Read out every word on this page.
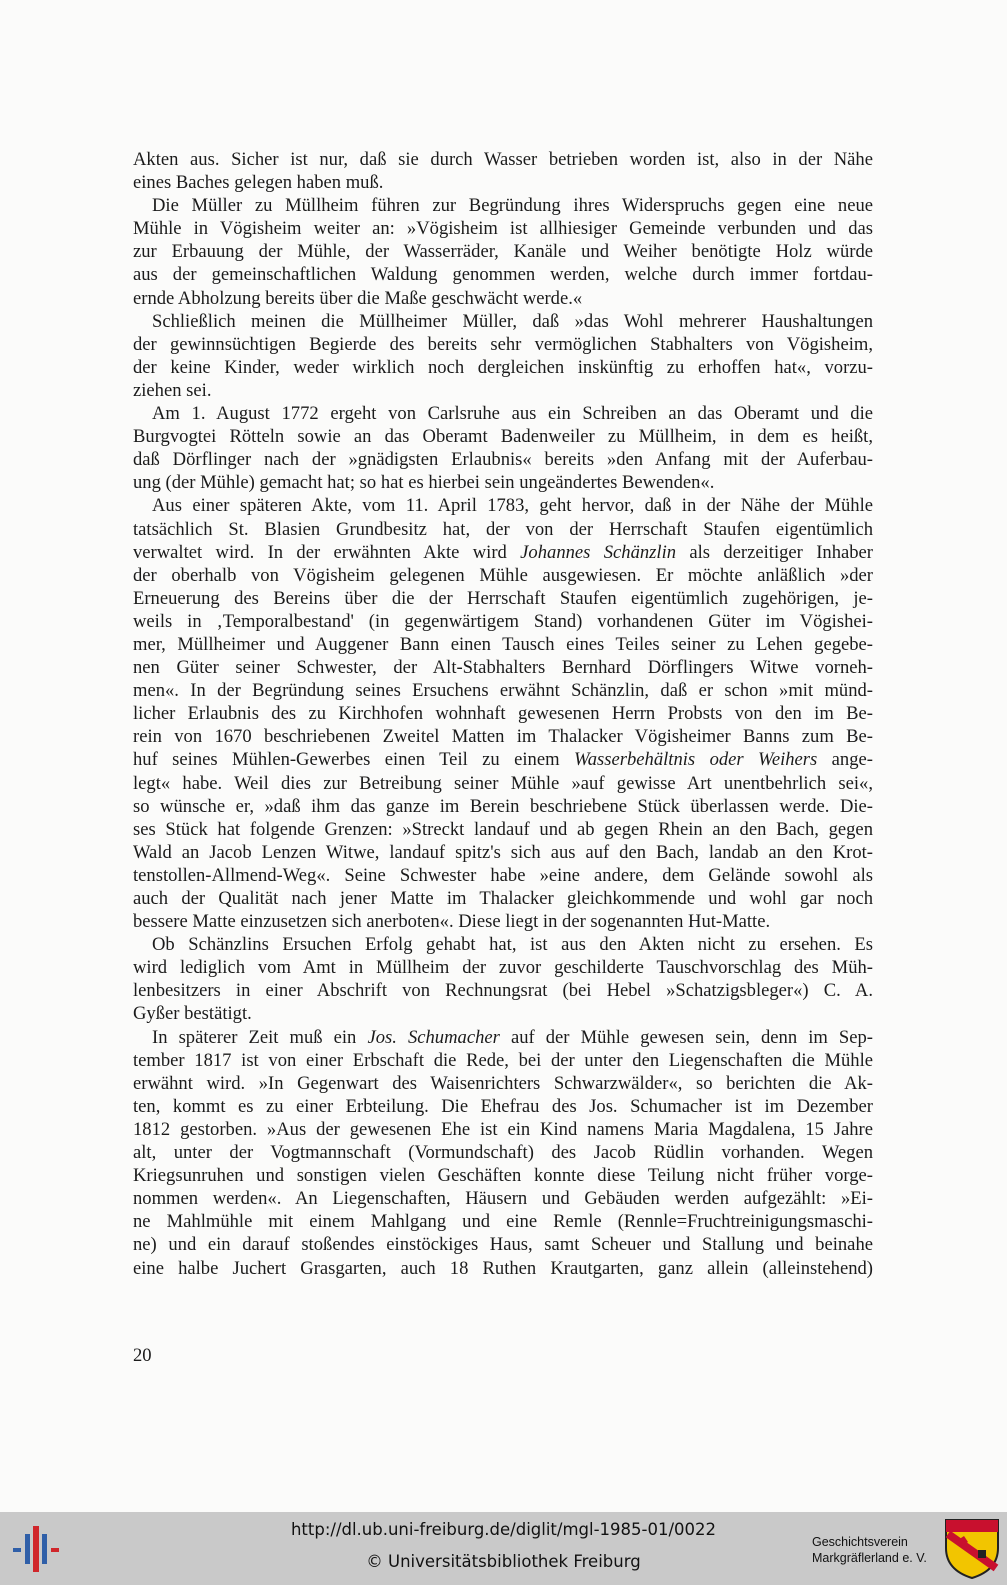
Akten aus. Sicher ist nur, daß sie durch Wasser betrieben worden ist, also in der Nähe
eines Baches gelegen haben muß.

Die Müller zu Müllheim führen zur Begründung ihres Widerspruchs gegen eine neue
Mühle in Vögisheim weiter an: »Vögisheim ist allhiesiger Gemeinde verbunden und das
zur Erbauung der Mühle, der Wasserräder, Kanäle und Weiher benötigte Holz würde
aus der gemeinschaftlichen Waldung genommen werden, welche durch immer fortdau-
ernde Abholzung bereits über die Maße geschwächt werde.«

Schließlich meinen die Müllheimer Müller, daß »das Wohl mehrerer Haushaltungen
der gewinnsüchtigen Begierde des bereits sehr vermöglichen Stabhalters von Vögisheim,
der keine Kinder, weder wirklich noch dergleichen inskünftig zu erhoffen hat«, vorzu-
ziehen sei.

Am 1. August 1772 ergeht von Carlsruhe aus ein Schreiben an das Oberamt und die
Burgvogtei Rötteln sowie an das Oberamt Badenweiler zu Müllheim, in dem es heißt,
daß Dörflinger nach der »gnädigsten Erlaubnis« bereits »den Anfang mit der Auferbau-
ung (der Mühle) gemacht hat; so hat es hierbei sein ungeändertes Bewenden«.

Aus einer späteren Akte, vom 11. April 1783, geht hervor, daß in der Nähe der Mühle
tatsächlich St. Blasien Grundbesitz hat, der von der Herrschaft Staufen eigentümlich
verwaltet wird. In der erwähnten Akte wird Johannes Schänzlin als derzeitiger Inhaber
der oberhalb von Vögisheim gelegenen Mühle ausgewiesen. Er möchte anläßlich »der
Erneuerung des Bereins über die der Herrschaft Staufen eigentümlich zugehörigen, je-
weils in ‚Temporalbestand' (in gegenwärtigem Stand) vorhandenen Güter im Vögishei-
mer, Müllheimer und Auggener Bann einen Tausch eines Teiles seiner zu Lehen gegebe-
nen Güter seiner Schwester, der Alt-Stabhalters Bernhard Dörflingers Witwe vorneh-
men«. In der Begründung seines Ersuchens erwähnt Schänzlin, daß er schon »mit münd-
licher Erlaubnis des zu Kirchhofen wohnhaft gewesenen Herrn Probsts von den im Be-
rein von 1670 beschriebenen Zweitel Matten im Thalacker Vögisheimer Banns zum Be-
huf seines Mühlen-Gewerbes einen Teil zu einem Wasserbehältnis oder Weihers ange-
legt« habe. Weil dies zur Betreibung seiner Mühle »auf gewisse Art unentbehrlich sei«,
so wünsche er, »daß ihm das ganze im Berein beschriebene Stück überlassen werde. Die-
ses Stück hat folgende Grenzen: »Streckt landauf und ab gegen Rhein an den Bach, gegen
Wald an Jacob Lenzen Witwe, landauf spitz's sich aus auf den Bach, landab an den Krot-
tenstollen-Allmend-Weg«. Seine Schwester habe »eine andere, dem Gelände sowohl als
auch der Qualität nach jener Matte im Thalacker gleichkommende und wohl gar noch
bessere Matte einzusetzen sich anerboten«. Diese liegt in der sogenannten Hut-Matte.

Ob Schänzlins Ersuchen Erfolg gehabt hat, ist aus den Akten nicht zu ersehen. Es
wird lediglich vom Amt in Müllheim der zuvor geschilderte Tauschvorschlag des Müh-
lenbesitzers in einer Abschrift von Rechnungsrat (bei Hebel »Schatzigsbleger«) C. A.
Gyßer bestätigt.

In späterer Zeit muß ein Jos. Schumacher auf der Mühle gewesen sein, denn im Sep-
tember 1817 ist von einer Erbschaft die Rede, bei der unter den Liegenschaften die Mühle
erwähnt wird. »In Gegenwart des Waisenrichters Schwarzwälder«, so berichten die Ak-
ten, kommt es zu einer Erbteilung. Die Ehefrau des Jos. Schumacher ist im Dezember
1812 gestorben. »Aus der gewesenen Ehe ist ein Kind namens Maria Magdalena, 15 Jahre
alt, unter der Vogtmannschaft (Vormundschaft) des Jacob Rüdlin vorhanden. Wegen
Kriegsunruhen und sonstigen vielen Geschäften konnte diese Teilung nicht früher vorge-
nommen werden«. An Liegenschaften, Häusern und Gebäuden werden aufgezählt: »Ei-
ne Mahlmühle mit einem Mahlgang und eine Remle (Rennle=Fruchtreinigungsmaschi-
ne) und ein darauf stoßendes einstöckiges Haus, samt Scheuer und Stallung und beinahe
eine halbe Juchert Grasgarten, auch 18 Ruthen Krautgarten, ganz allein (alleinstehend)

20
http://dl.ub.uni-freiburg.de/diglit/mgl-1985-01/0022
© Universitätsbibliothek Freiburg
Geschichtsverein
Markgräflerland e. V.
